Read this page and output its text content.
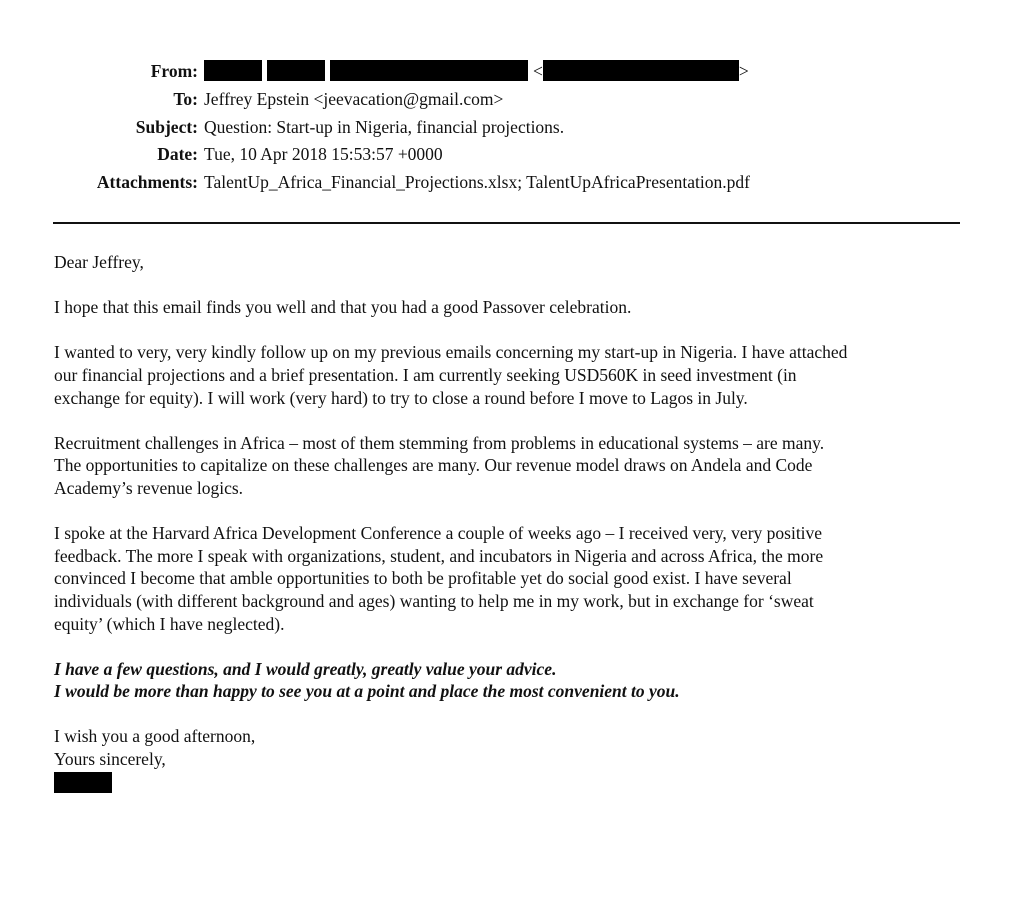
From:	<	>
To: Jeffrey Epstein <jeevacation@gmail.com>
Subject: Question: Start-up in Nigeria, financial projections.
Date: Tue, 10 Apr 2018 15:53:57 +0000
Attachments: TalentUp_Africa_Financial_Projections.xlsx; TalentUpAfricaPresentation.pdf

Dear Jeffrey,

I hope that this email finds you well and that you had a good Passover celebration.

I wanted to very, very kindly follow up on my previous emails concerning my start-up in Nigeria. I have attached
our financial projections and a brief presentation. I am currently seeking USD560K in seed investment (in
exchange for equity). I will work (very hard) to try to close a round before I move to Lagos in July.

Recruitment challenges in Africa – most of them stemming from problems in educational systems – are many.
The opportunities to capitalize on these challenges are many. Our revenue model draws on Andela and Code
Academy’s revenue logics.

I spoke at the Harvard Africa Development Conference a couple of weeks ago – I received very, very positive
feedback. The more I speak with organizations, student, and incubators in Nigeria and across Africa, the more
convinced I become that amble opportunities to both be profitable yet do social good exist. I have several
individuals (with different background and ages) wanting to help me in my work, but in exchange for ‘sweat
equity’ (which I have neglected).

I have a few questions, and I would greatly, greatly value your advice.
I would be more than happy to see you at a point and place the most convenient to you.

I wish you a good afternoon,

Yours sincerely,
